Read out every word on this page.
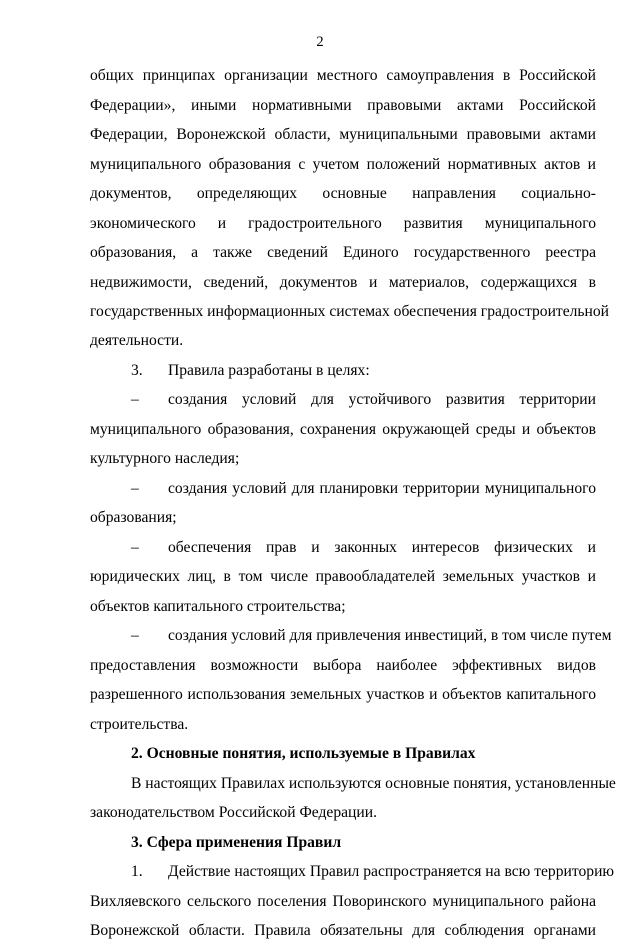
2
общих принципах организации местного самоуправления в Российской
Федерации», иными нормативными правовыми актами Российской
Федерации, Воронежской области, муниципальными правовыми актами
муниципального образования с учетом положений нормативных актов и
документов, определяющих основные направления социально-
экономического и градостроительного развития муниципального
образования, а также сведений Единого государственного реестра
недвижимости, сведений, документов и материалов, содержащихся в
государственных информационных системах обеспечения градостроительной
деятельности.
3.	Правила разработаны в целях:
–	создания условий для устойчивого развития территории
муниципального образования, сохранения окружающей среды и объектов
культурного наследия;
–	создания условий для планировки территории муниципального
образования;
–	обеспечения прав и законных интересов физических и
юридических лиц, в том числе правообладателей земельных участков и
объектов капитального строительства;
–	создания условий для привлечения инвестиций, в том числе путем
предоставления возможности выбора наиболее эффективных видов
разрешенного использования земельных участков и объектов капитального
строительства.
2. Основные понятия, используемые в Правилах
В настоящих Правилах используются основные понятия, установленные
законодательством Российской Федерации.
3. Сфера применения Правил
1.	Действие настоящих Правил распространяется на всю территорию
Вихляевского сельского поселения Поворинского муниципального района
Воронежской области. Правила обязательны для соблюдения органами
